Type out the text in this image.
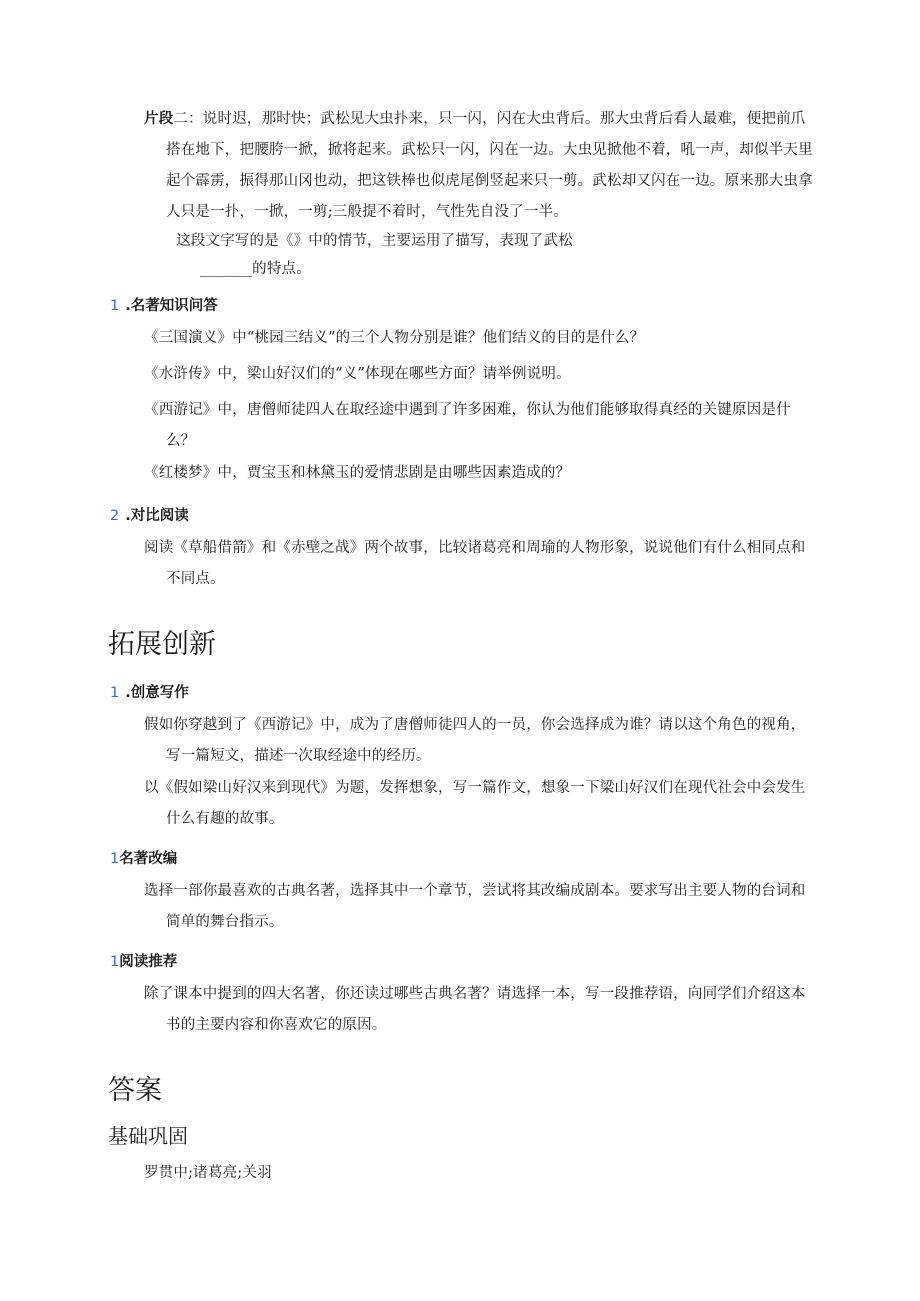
片段二：说时迟，那时快；武松见大虫扑来，只一闪，闪在大虫背后。那大虫背后看人最难，便把前爪搭在地下，把腰胯一掀，掀将起来。武松只一闪，闪在一边。大虫见掀他不着，吼一声，却似半天里起个霹雳，振得那山冈也动，把这铁棒也似虎尾倒竖起来只一剪。武松却又闪在一边。原来那大虫拿人只是一扑，一掀，一剪;三般提不着时，气性先自没了一半。
这段文字写的是《》中的情节，主要运用了描写，表现了武松
_______的特点。
1 .名著知识问答
《三国演义》中“桃园三结义”的三个人物分别是谁？他们结义的目的是什么？
《水浒传》中，梁山好汉们的“义”体现在哪些方面？请举例说明。
《西游记》中，唐僧师徒四人在取经途中遇到了许多困难，你认为他们能够取得真经的关键原因是什么？
《红楼梦》中，贾宝玉和林黛玉的爱情悲剧是由哪些因素造成的？
2 .对比阅读
阅读《草船借箭》和《赤壁之战》两个故事，比较诸葛亮和周瑜的人物形象，说说他们有什么相同点和不同点。
拓展创新
1 .创意写作
假如你穿越到了《西游记》中，成为了唐僧师徒四人的一员，你会选择成为谁？请以这个角色的视角，写一篇短文，描述一次取经途中的经历。
以《假如梁山好汉来到现代》为题，发挥想象，写一篇作文，想象一下梁山好汉们在现代社会中会发生什么有趣的故事。
1名著改编
选择一部你最喜欢的古典名著，选择其中一个章节，尝试将其改编成剧本。要求写出主要人物的台词和简单的舞台指示。
1阅读推荐
除了课本中提到的四大名著，你还读过哪些古典名著？请选择一本，写一段推荐语，向同学们介绍这本书的主要内容和你喜欢它的原因。
答案
基础巩固
罗贯中;诸葛亮;关羽
